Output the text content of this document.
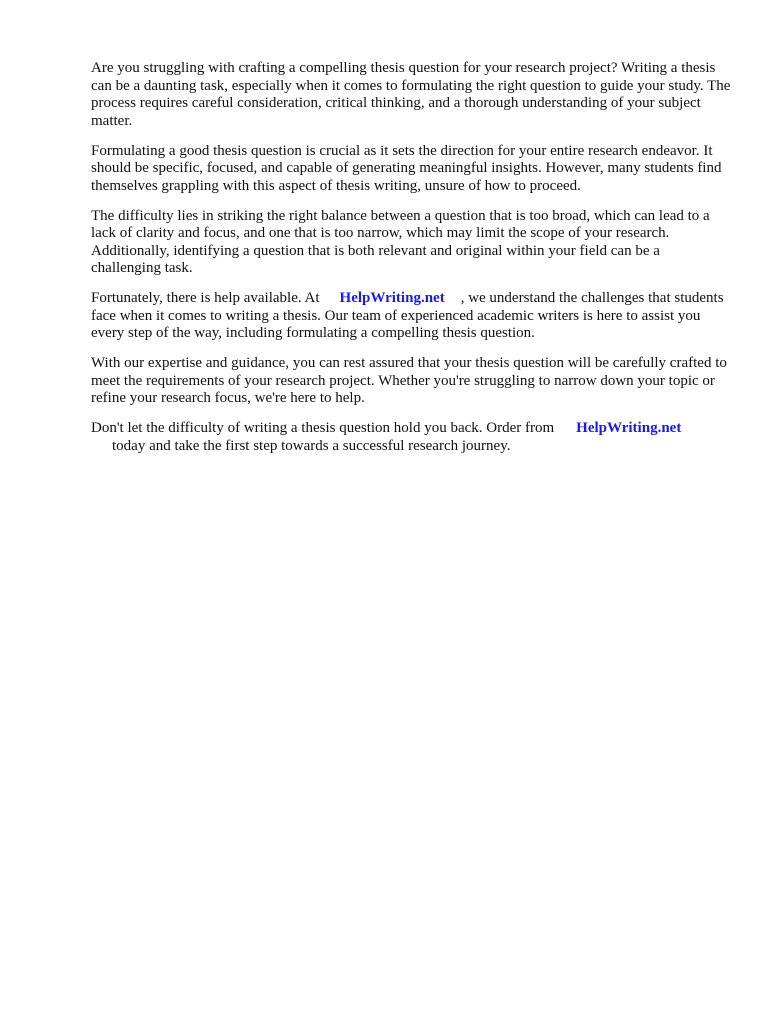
Are you struggling with crafting a compelling thesis question for your research project? Writing a thesis can be a daunting task, especially when it comes to formulating the right question to guide your study. The process requires careful consideration, critical thinking, and a thorough understanding of your subject matter.

Formulating a good thesis question is crucial as it sets the direction for your entire research endeavor. It should be specific, focused, and capable of generating meaningful insights. However, many students find themselves grappling with this aspect of thesis writing, unsure of how to proceed.

The difficulty lies in striking the right balance between a question that is too broad, which can lead to a lack of clarity and focus, and one that is too narrow, which may limit the scope of your research. Additionally, identifying a question that is both relevant and original within your field can be a challenging task.

Fortunately, there is help available. At HelpWriting.net , we understand the challenges that students face when it comes to writing a thesis. Our team of experienced academic writers is here to assist you every step of the way, including formulating a compelling thesis question.

With our expertise and guidance, you can rest assured that your thesis question will be carefully crafted to meet the requirements of your research project. Whether you're struggling to narrow down your topic or refine your research focus, we're here to help.

Don't let the difficulty of writing a thesis question hold you back. Order from HelpWriting.net
today and take the first step towards a successful research journey.
